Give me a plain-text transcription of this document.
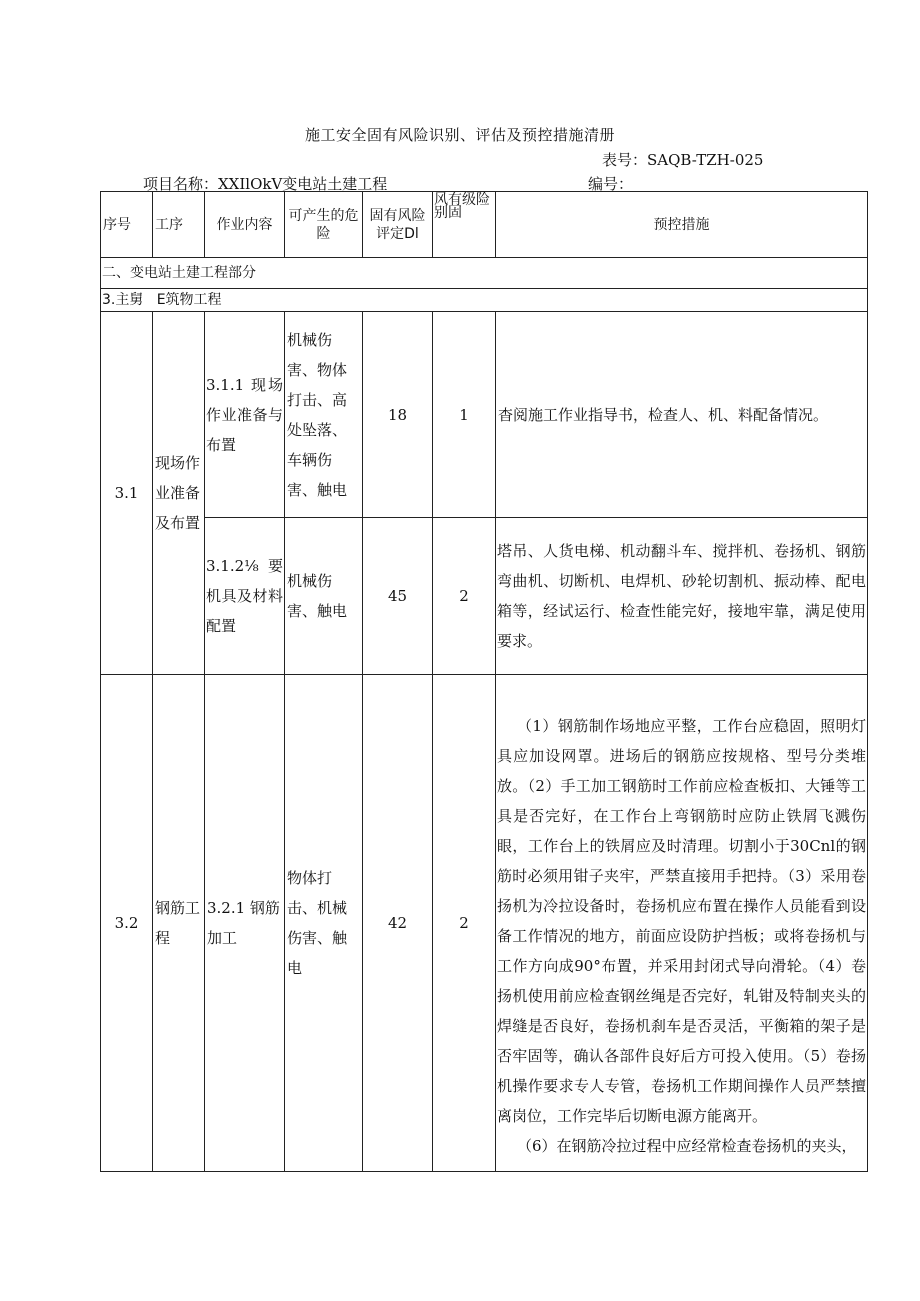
施工安全固有风险识别、评估及预控措施清册
表号：SAQB-TZH-025
项目名称：XXIlOkV变电站土建工程	编号：
序号	工序	作业内容	可产生的危险	固有风险评定Dl	风有级险别固	预控措施
二、变电站土建工程部分						
3.主舅   E筑物工程						
3.1	现场作业准备及布置	3.1.1 现场作业准备与布置	机械伤害、物体打击、高处坠落、车辆伤害、触电	18	1	杳阅施工作业指导书，检查人、机、料配备情况。
		3.1.2⅛要机具及材料配置	机械伤害、触电	45	2	塔吊、人货电梯、机动翻斗车、搅拌机、卷扬机、钢筋弯曲机、切断机、电焊机、砂轮切割机、振动棒、配电箱等，经试运行、检查性能完好，接地牢靠，满足使用要求。
3.2	钢筋工程	3.2.1 钢筋加工	物体打击、机械伤害、触电	42	2	（1）钢筋制作场地应平整，工作台应稳固，照明灯具应加设网罩。进场后的钢筋应按规格、型号分类堆放。（2）手工加工钢筋时工作前应检查板扣、大锤等工具是否完好，在工作台上弯钢筋时应防止铁屑飞溅伤眼，工作台上的铁屑应及时清理。切割小于30Cnl的钢筋时必须用钳子夹牢，严禁直接用手把持。（3）采用卷扬机为冷拉设备时，卷扬机应布置在操作人员能看到设备工作情况的地方，前面应设防护挡板；或将卷扬机与工作方向成90°布置，并采用封闭式导向滑轮。（4）卷扬机使用前应检查钢丝绳是否完好，轧钳及特制夹头的焊缝是否良好，卷扬机刹车是否灵活，平衡箱的架子是否牢固等，确认各部件良好后方可投入使用。（5）卷扬机操作要求专人专管，卷扬机工作期间操作人员严禁擅离岗位，工作完毕后切断电源方能离开。
（6）在钢筋冷拉过程中应经常检查卷扬机的夹头，
